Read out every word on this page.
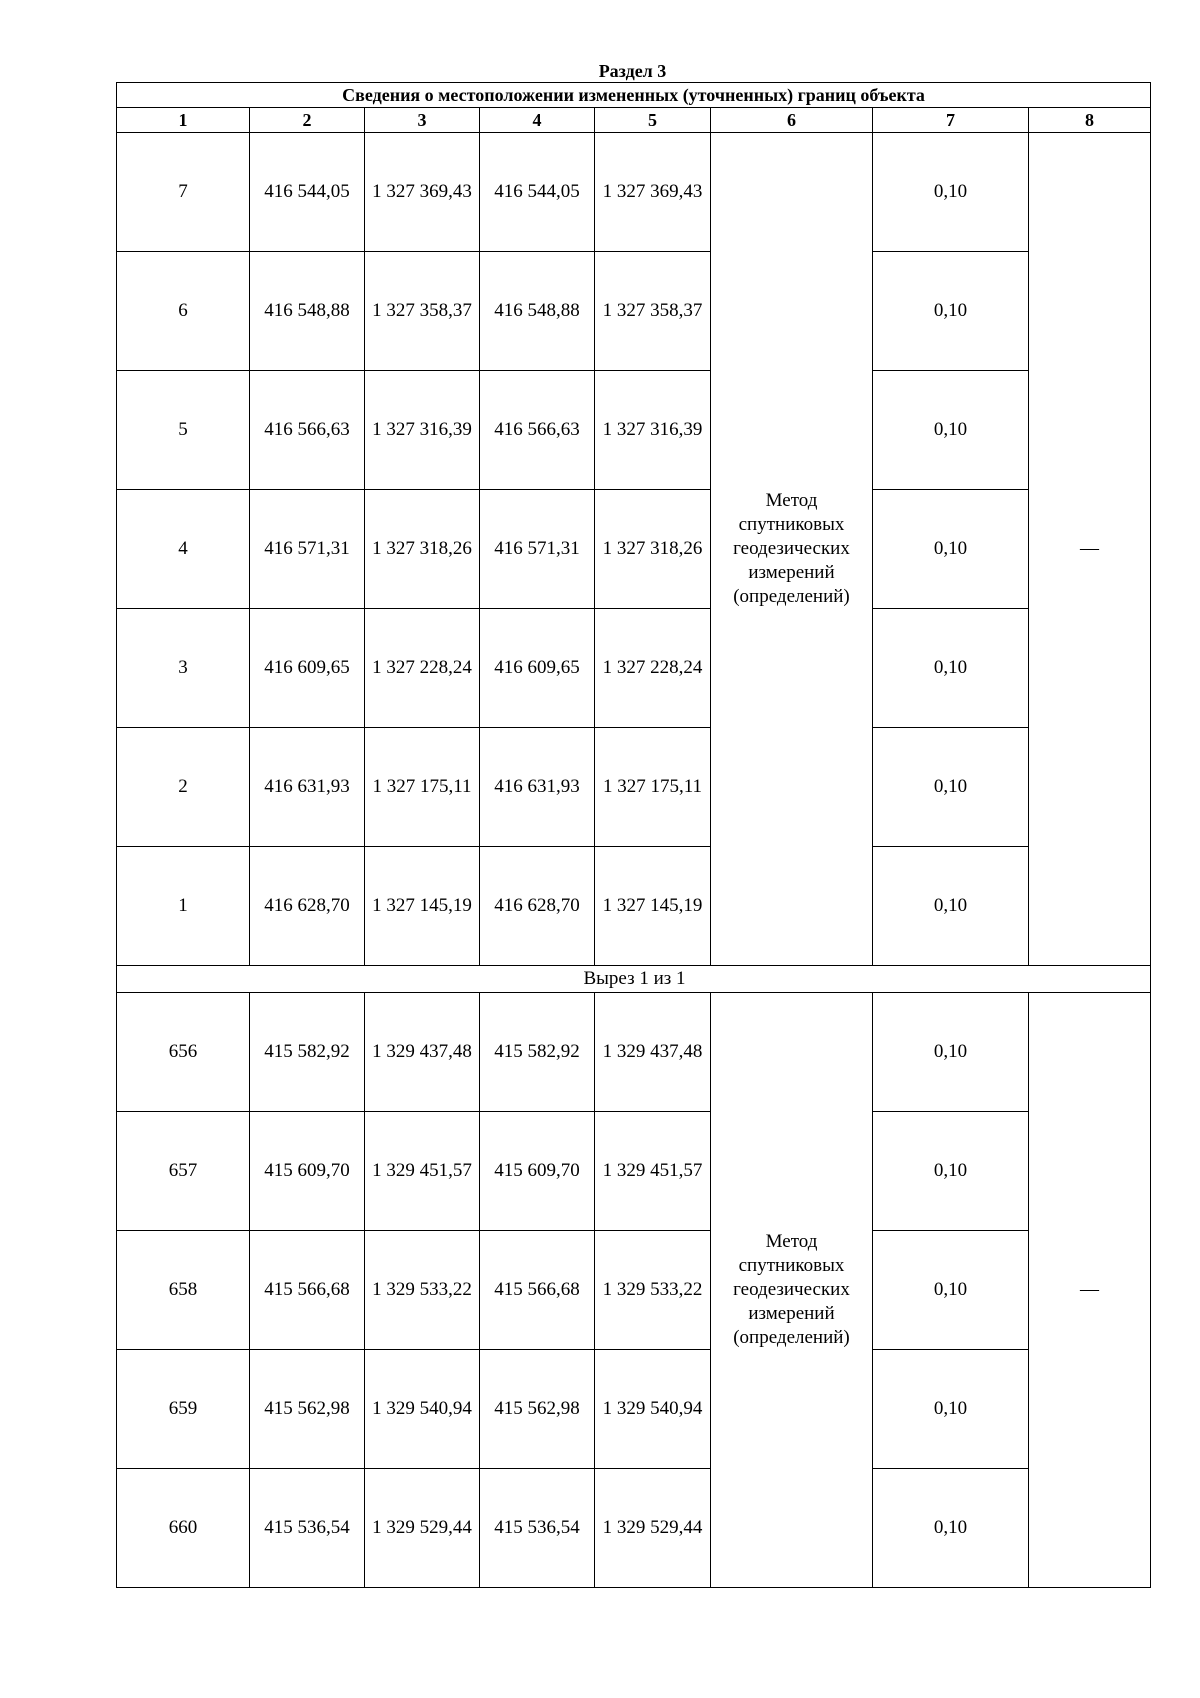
Раздел 3
Сведения о местоположении измененных (уточненных) границ объекта							
1	2	3	4	5	6	7	8
7	416 544,05	1 327 369,43	416 544,05	1 327 369,43	Метод спутниковых геодезических измерений (определений)	0,10	—
6	416 548,88	1 327 358,37	416 548,88	1 327 358,37		0,10	
5	416 566,63	1 327 316,39	416 566,63	1 327 316,39		0,10	
4	416 571,31	1 327 318,26	416 571,31	1 327 318,26		0,10	
3	416 609,65	1 327 228,24	416 609,65	1 327 228,24		0,10	
2	416 631,93	1 327 175,11	416 631,93	1 327 175,11		0,10	
1	416 628,70	1 327 145,19	416 628,70	1 327 145,19		0,10	
Вырез 1 из 1							
656	415 582,92	1 329 437,48	415 582,92	1 329 437,48	Метод спутниковых геодезических измерений (определений)	0,10	—
657	415 609,70	1 329 451,57	415 609,70	1 329 451,57		0,10	
658	415 566,68	1 329 533,22	415 566,68	1 329 533,22		0,10	
659	415 562,98	1 329 540,94	415 562,98	1 329 540,94		0,10	
660	415 536,54	1 329 529,44	415 536,54	1 329 529,44		0,10	
